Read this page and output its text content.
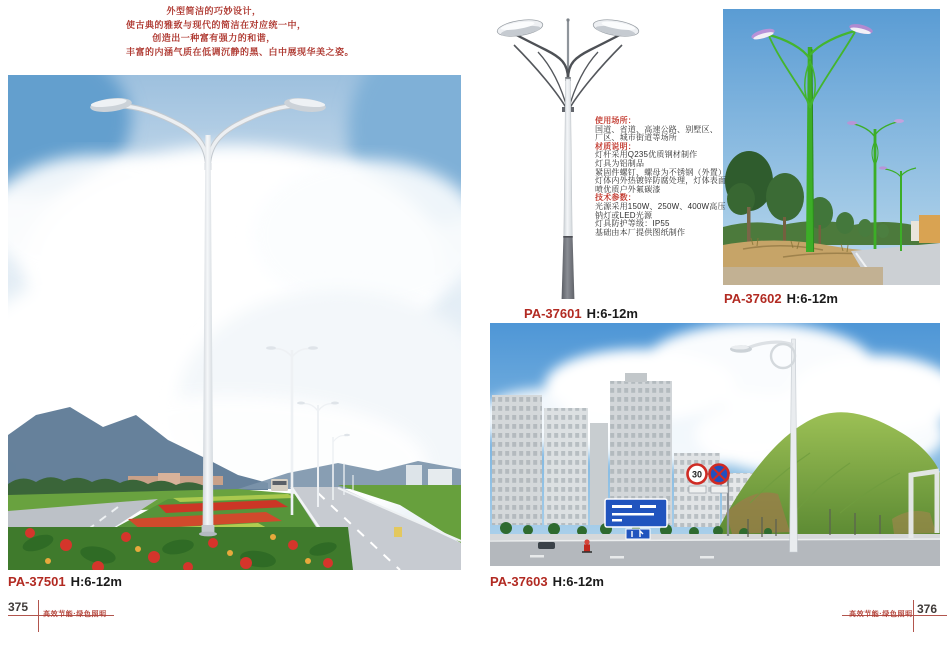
外型简洁的巧妙设计，
使古典的雅致与现代的简洁在对应统一中，
创造出一种富有强力的和谐，
丰富的内涵气质在低调沉静的黑、白中展现华美之姿。
使用场所：
国道、省道、高速公路、别墅区、
厂区、城市街道等场所
材质说明：
灯杆采用Q235优质钢材制作
灯具为铝制品
紧固件螺钉、螺母为不锈钢（外置）
灯体内外热镀锌防腐处理，灯体表面
喷优质户外氟碳漆
技术参数：
光源采用150W、250W、400W高压
钠灯或LED光源
灯具防护等级：IP55
基础由本厂提供图纸制作
30
PA-37501 H:6-12m
PA-37601 H:6-12m
PA-37602 H:6-12m
PA-37603 H:6-12m
375
高效节能·绿色照明	高效节能·绿色照明 376
